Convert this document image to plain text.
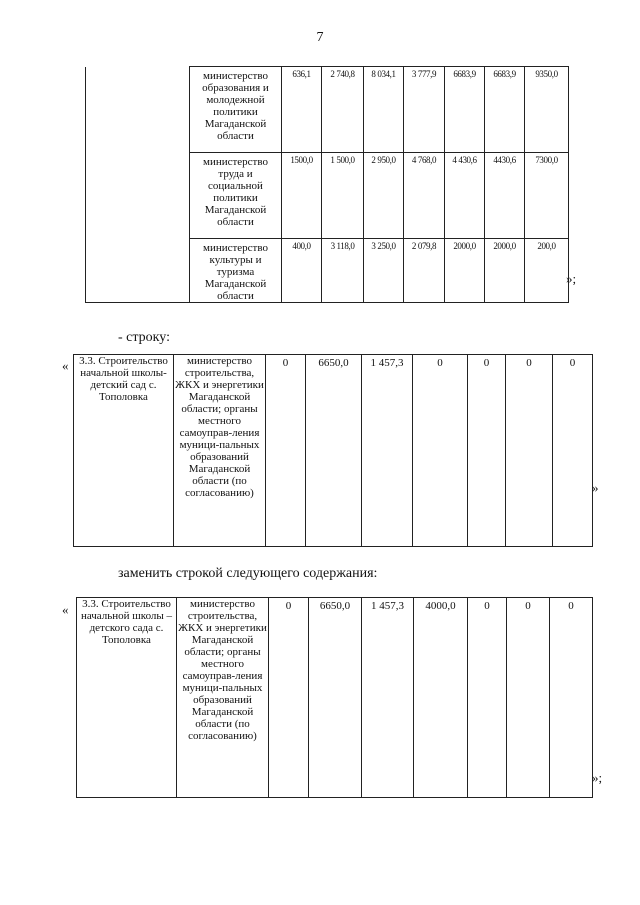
7
	министерство образования и молодежной политики Магаданской области	636,1	2 740,8	8 034,1	3 777,9	6683,9	6683,9	9350,0
	министерство труда и социальной политики Магаданской области	1500,0	1 500,0	2 950,0	4 768,0	4 430,6	4430,6	7300,0
	министерство культуры и туризма Магаданской области	400,0	3 118,0	3 250,0	2 079,8	2000,0	2000,0	200,0
»;
- строку:
« 3.3. Строительство начальной школы-детский сад с. Тополовка	министерство строительства, ЖКХ и энергетики Магаданской области; органы местного самоуправ-ления муници-пальных образований Магаданской области (по согласованию)	0	6650,0	1 457,3	0	0	0	0
»
заменить строкой следующего содержания:
« 3.3. Строительство начальной школы – детского сада с. Тополовка	министерство строительства, ЖКХ и энергетики Магаданской области; органы местного самоуправ-ления муници-пальных образований Магаданской области (по согласованию)	0	6650,0	1 457,3	4000,0	0	0	0
»;
